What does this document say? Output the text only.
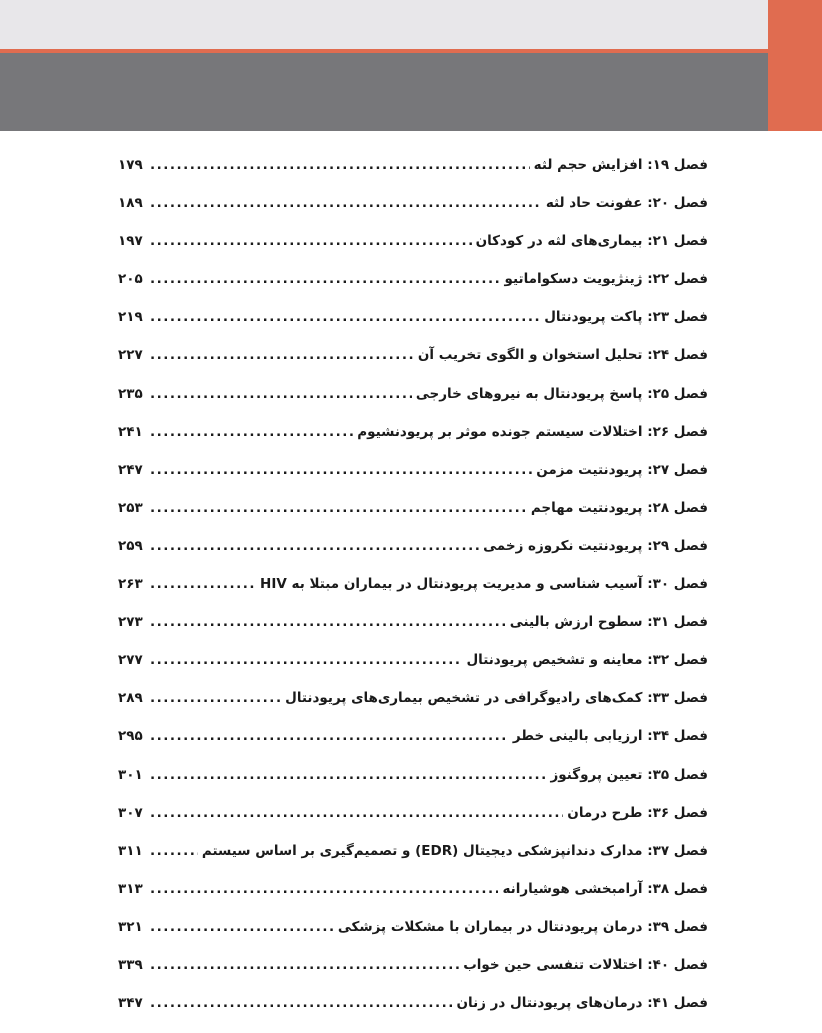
فصل ۱۹:

افزایش حجم لثه
.....
۱۷۹
فصل ۲۰:

عفونت حاد لثه
.....
۱۸۹
فصل ۲۱:

بیماری‌های لثه در کودکان
.....
۱۹۷
فصل ۲۲:

ژینژیویت دسکواماتیو
.....
۲۰۵
فصل ۲۳:

پاکت پریودنتال
.....
۲۱۹
فصل ۲۴:

تحلیل استخوان و الگوی تخریب آن
.....
۲۲۷
فصل ۲۵:

پاسخ پریودنتال به نیروهای خارجی
.....
۲۳۵
فصل ۲۶:

اختلالات سیستم جونده موثر بر پریودنشیوم
.....
۲۴۱
فصل ۲۷:

پریودنتیت مزمن
.....
۲۴۷
فصل ۲۸:

پریودنتیت مهاجم
.....
۲۵۳
فصل ۲۹:

پریودنتیت نکروزه زخمی
.....
۲۵۹
فصل ۳۰:

آسیب شناسی و مدیریت پریودنتال در بیماران مبتلا به HIV
.....
۲۶۳
فصل ۳۱:

سطوح ارزش بالینی
.....
۲۷۳
فصل ۳۲:

معاینه و تشخیص پریودنتال
.....
۲۷۷
فصل ۳۳:

کمک‌های رادیوگرافی در تشخیص بیماری‌های پریودنتال
.....
۲۸۹
فصل ۳۴:

ارزیابی بالینی خطر
.....
۲۹۵
فصل ۳۵:

تعیین پروگنوز
.....
۳۰۱
فصل ۳۶:

طرح درمان
.....
۳۰۷
فصل ۳۷:

مدارک دندانپزشکی دیجیتال (EDR) و تصمیم‌گیری بر اساس سیستم
.....
۳۱۱
فصل ۳۸:

آرامبخشی هوشیارانه
.....
۳۱۳
فصل ۳۹:

درمان پریودنتال در بیماران با مشکلات پزشکی
.....
۳۲۱
فصل ۴۰:

اختلالات تنفسی حین خواب
.....
۳۳۹
فصل ۴۱:

درمان‌های پریودنتال در زنان
.....
۳۴۷
